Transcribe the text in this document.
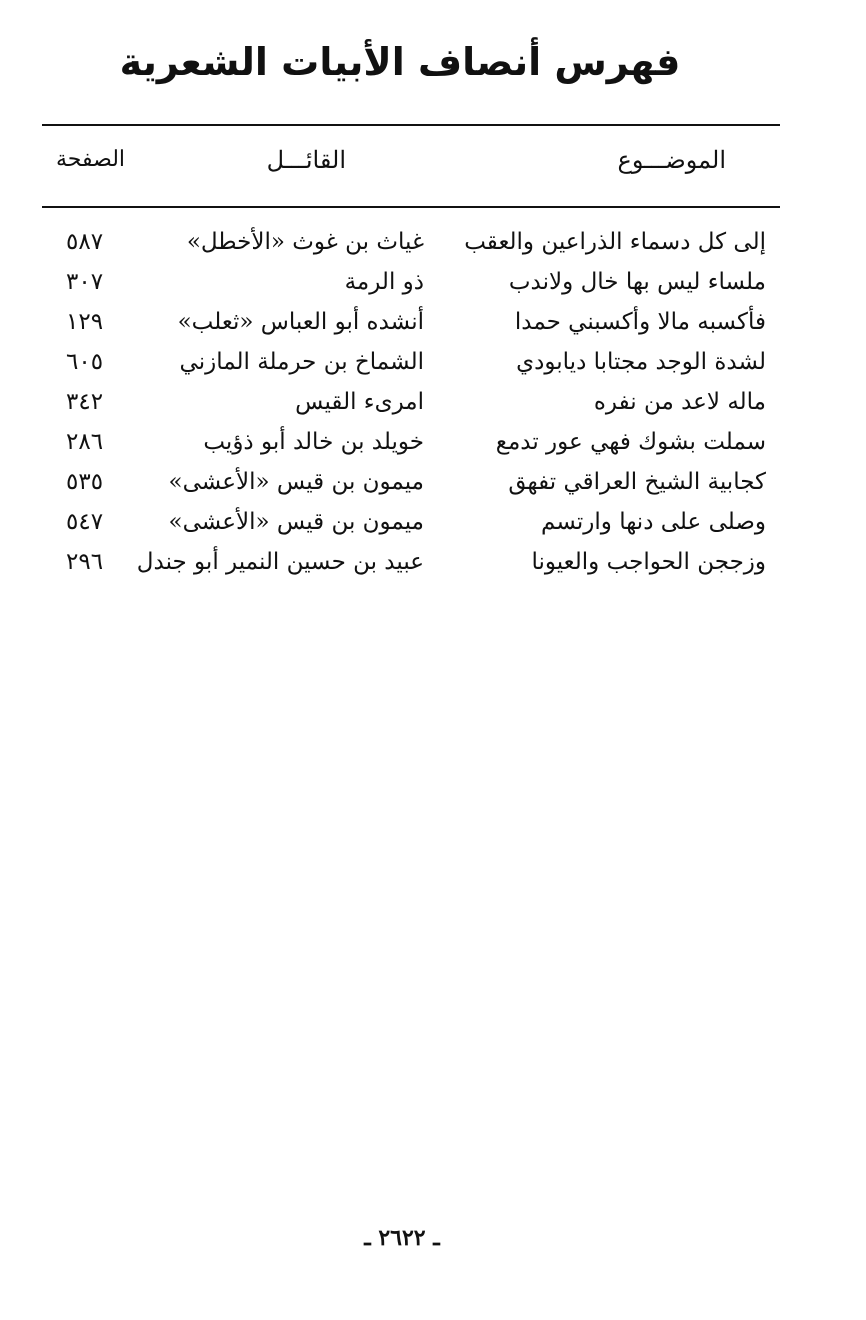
فهرس أنصاف الأبيات الشعرية
الموضـــوع
القائـــل
الصفحة
إلى كل دسماء الذراعين والعقب
غياث بن غوث «الأخطل»
٥٨٧
ملساء ليس بها خال ولاندب
ذو الرمة
٣٠٧
فأكسبه مالا وأكسبني حمدا
أنشده أبو العباس «ثعلب»
١٢٩
لشدة الوجد مجتابا ديابودي
الشماخ بن حرملة المازني
٦٠٥
ماله لاعد من نفره
امرىء القيس
٣٤٢
سملت بشوك فهي عور تدمع
خويلد بن خالد أبو ذؤيب
٢٨٦
كجابية الشيخ العراقي تفهق
ميمون بن قيس «الأعشى»
٥٣٥
وصلى على دنها وارتسم
ميمون بن قيس «الأعشى»
٥٤٧
وزججن الحواجب والعيونا
عبيد بن حسين النمير أبو جندل
٢٩٦
ـ ٢٦٢٢ ـ
